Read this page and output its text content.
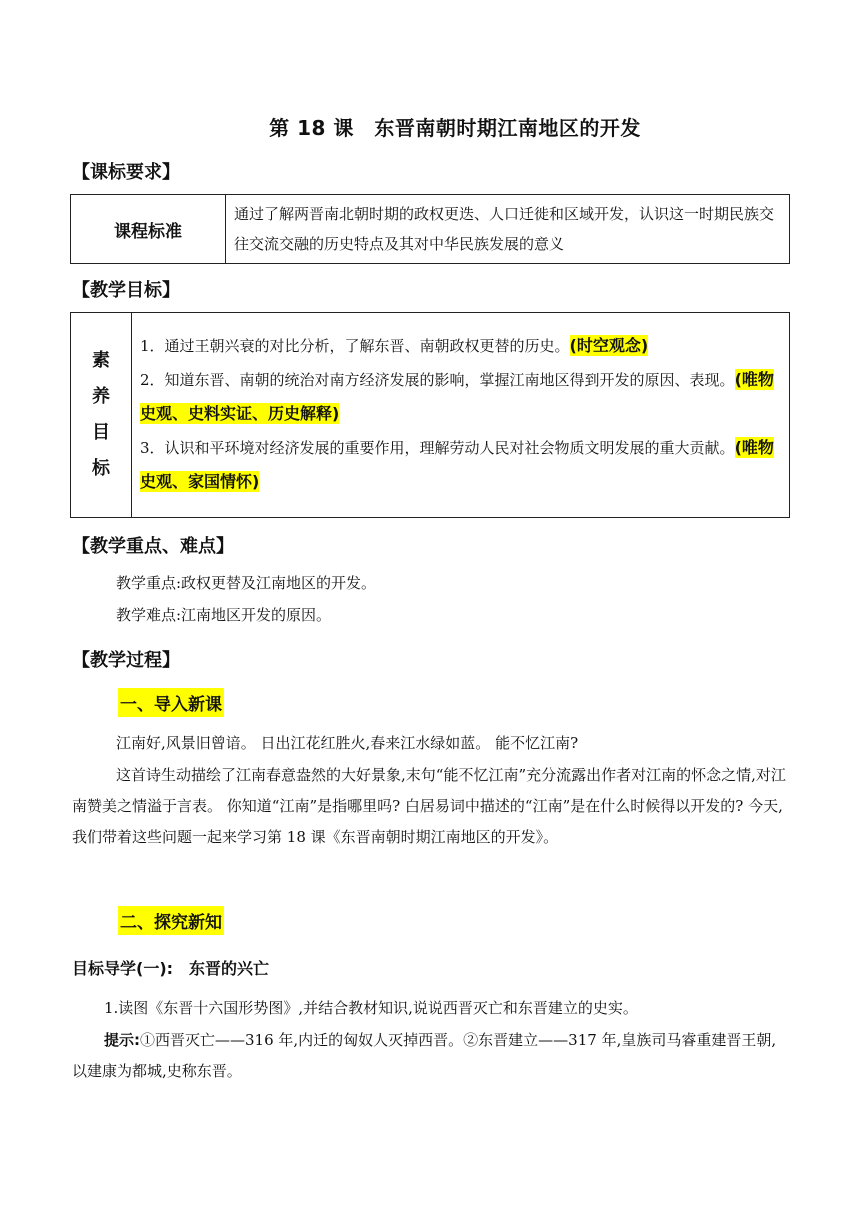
第 18 课　东晋南朝时期江南地区的开发
【课标要求】
课程标准	通过了解两晋南北朝时期的政权更迭、人口迁徙和区域开发，认识这一时期民族交往交流交融的历史特点及其对中华民族发展的意义
【教学目标】
素
养
目
标

1．通过王朝兴衰的对比分析，了解东晋、南朝政权更替的历史。(时空观念)
2．知道东晋、南朝的统治对南方经济发展的影响，掌握江南地区得到开发的原因、表现。(唯物史观、史料实证、历史解释)
3．认识和平环境对经济发展的重要作用，理解劳动人民对社会物质文明发展的重大贡献。(唯物史观、家国情怀)
【教学重点、难点】
教学重点:政权更替及江南地区的开发。
教学难点:江南地区开发的原因。
【教学过程】
一、导入新课
江南好,风景旧曾谙。 日出江花红胜火,春来江水绿如蓝。 能不忆江南?
这首诗生动描绘了江南春意盎然的大好景象,末句“能不忆江南”充分流露出作者对江南的怀念之情,对江南赞美之情溢于言表。 你知道“江南”是指哪里吗? 白居易词中描述的“江南”是在什么时候得以开发的? 今天,我们带着这些问题一起来学习第 18 课《东晋南朝时期江南地区的开发》。
二、探究新知
目标导学(一):　东晋的兴亡
1.读图《东晋十六国形势图》,并结合教材知识,说说西晋灭亡和东晋建立的史实。
提示:①西晋灭亡——316 年,内迁的匈奴人灭掉西晋。②东晋建立——317 年,皇族司马睿重建晋王朝,以建康为都城,史称东晋。
